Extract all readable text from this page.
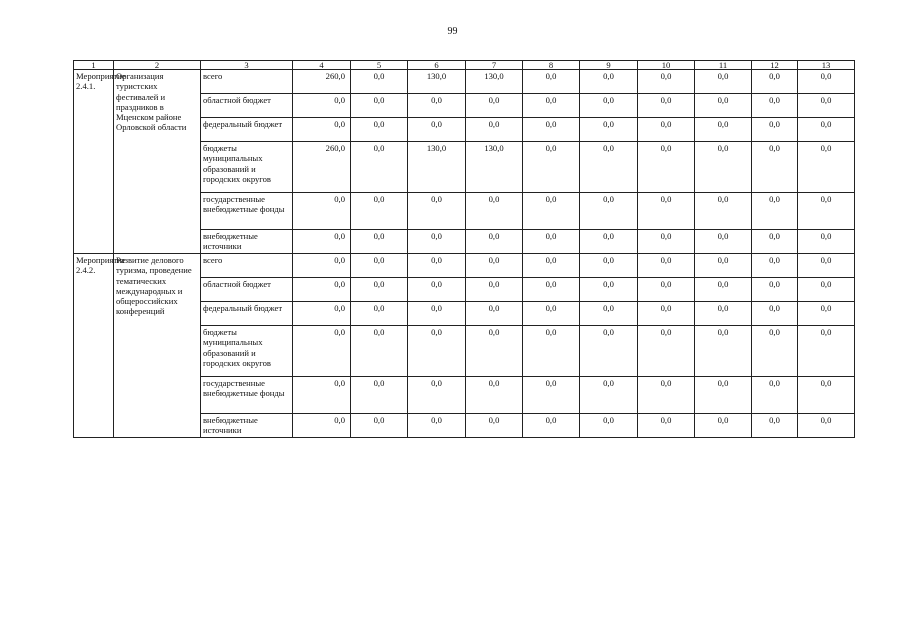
99
1	2	3	4	5	6	7	8	9	10	11	12	13
Мероприятие 2.4.1.	Организация туристских фестивалей и праздников в Мценском районе Орловской области	всего	260,0	0,0	130,0	130,0	0,0	0,0	0,0	0,0	0,0	0,0
		областной бюджет	0,0	0,0	0,0	0,0	0,0	0,0	0,0	0,0	0,0	0,0
		федеральный бюджет	0,0	0,0	0,0	0,0	0,0	0,0	0,0	0,0	0,0	0,0
		бюджеты муниципальных образований и городских округов	260,0	0,0	130,0	130,0	0,0	0,0	0,0	0,0	0,0	0,0
		государственные внебюджетные фонды	0,0	0,0	0,0	0,0	0,0	0,0	0,0	0,0	0,0	0,0
		внебюджетные источники	0,0	0,0	0,0	0,0	0,0	0,0	0,0	0,0	0,0	0,0
Мероприятие 2.4.2.	Развитие делового туризма, проведение тематических международных и общероссийских конференций	всего	0,0	0,0	0,0	0,0	0,0	0,0	0,0	0,0	0,0	0,0
		областной бюджет	0,0	0,0	0,0	0,0	0,0	0,0	0,0	0,0	0,0	0,0
		федеральный бюджет	0,0	0,0	0,0	0,0	0,0	0,0	0,0	0,0	0,0	0,0
		бюджеты муниципальных образований и городских округов	0,0	0,0	0,0	0,0	0,0	0,0	0,0	0,0	0,0	0,0
		государственные внебюджетные фонды	0,0	0,0	0,0	0,0	0,0	0,0	0,0	0,0	0,0	0,0
		внебюджетные источники	0,0	0,0	0,0	0,0	0,0	0,0	0,0	0,0	0,0	0,0
